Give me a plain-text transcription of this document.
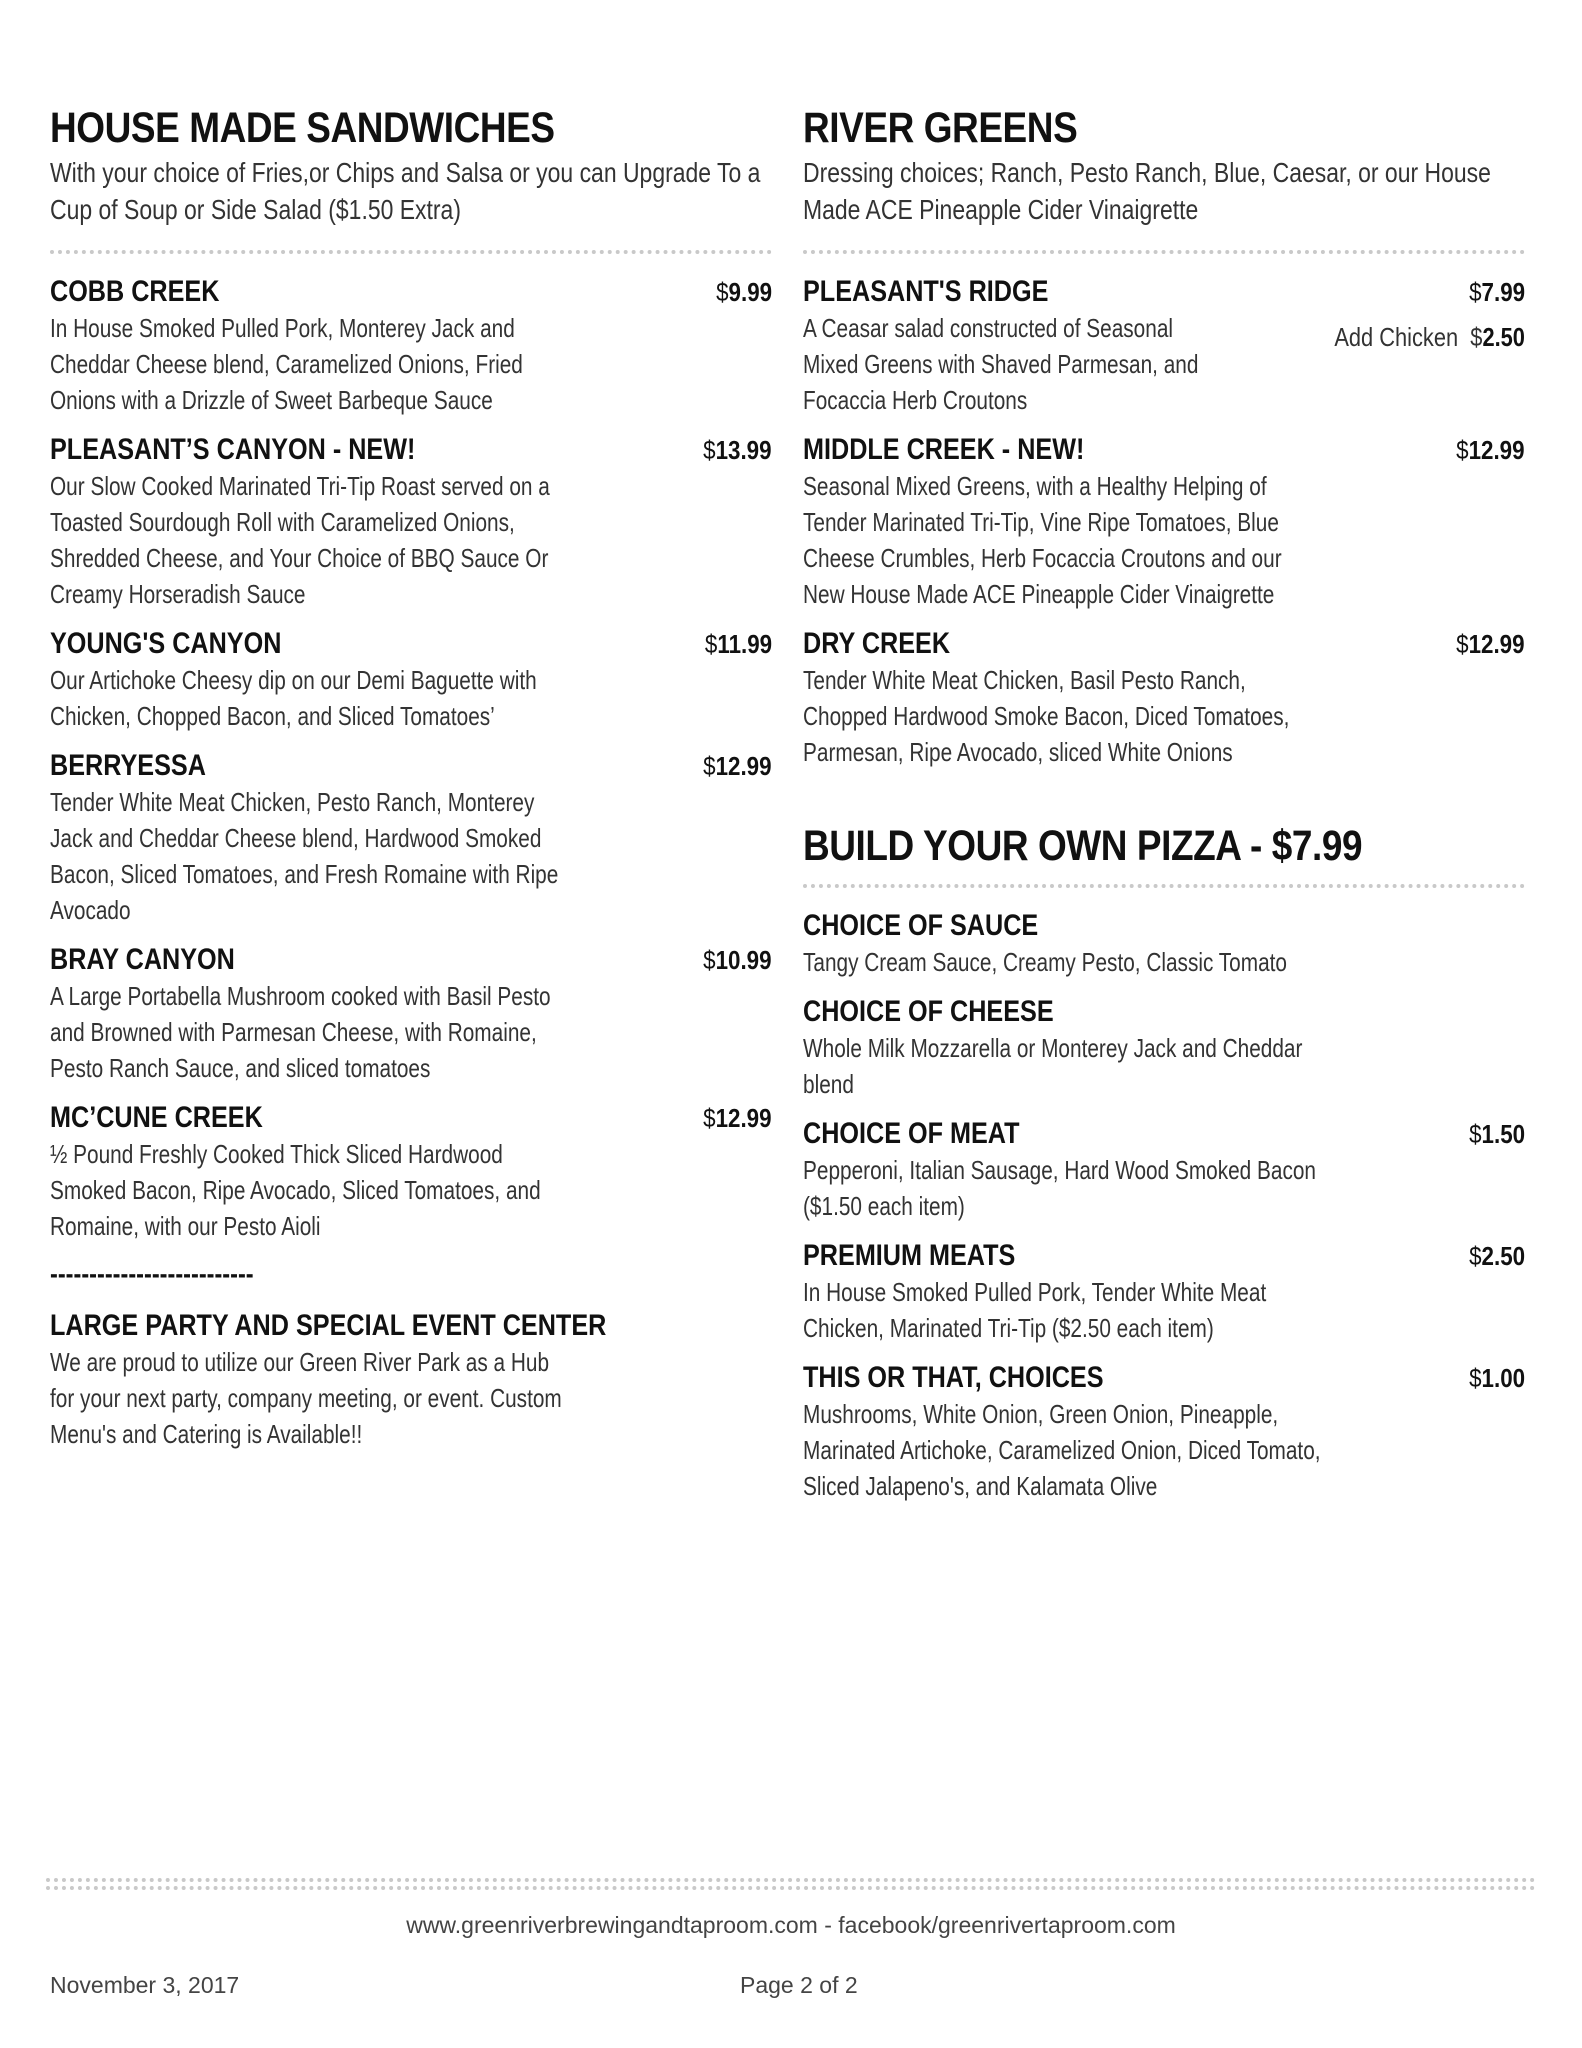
HOUSE MADE SANDWICHES

With your choice of Fries,or Chips and Salsa or you can Upgrade To a Cup of Soup or Side Salad ($1.50 Extra)

COBB CREEK	$9.99

In House Smoked Pulled Pork, Monterey Jack and Cheddar Cheese blend, Caramelized Onions, Fried Onions with a Drizzle of Sweet Barbeque Sauce

PLEASANT’S CANYON - NEW!	$13.99

Our Slow Cooked Marinated Tri-Tip Roast served on a Toasted Sourdough Roll with Caramelized Onions, Shredded Cheese, and Your Choice of BBQ Sauce Or Creamy Horseradish Sauce

YOUNG'S CANYON	$11.99

Our Artichoke Cheesy dip on our Demi Baguette with Chicken, Chopped Bacon, and Sliced Tomatoes’

BERRYESSA	$12.99

Tender White Meat Chicken, Pesto Ranch, Monterey Jack and Cheddar Cheese blend, Hardwood Smoked Bacon, Sliced Tomatoes, and Fresh Romaine with Ripe Avocado

BRAY CANYON	$10.99

A Large Portabella Mushroom cooked with Basil Pesto and Browned with Parmesan Cheese, with Romaine, Pesto Ranch Sauce, and sliced tomatoes

MC’CUNE CREEK	$12.99

½ Pound Freshly Cooked Thick Sliced Hardwood Smoked Bacon, Ripe Avocado, Sliced Tomatoes, and Romaine, with our Pesto Aioli

--------------------------
LARGE PARTY AND SPECIAL EVENT CENTER

We are proud to utilize our Green River Park as a Hub for your next party, company meeting, or event. Custom Menu's and Catering is Available!!

RIVER GREENS

Dressing choices; Ranch, Pesto Ranch, Blue, Caesar, or our House Made ACE Pineapple Cider Vinaigrette

PLEASANT'S RIDGE	$7.99

A Ceasar salad constructed of Seasonal Mixed Greens with Shaved Parmesan, and Focaccia Herb Croutons

Add Chicken  $2.50
MIDDLE CREEK - NEW!	$12.99

Seasonal Mixed Greens, with a Healthy Helping of Tender Marinated Tri-Tip, Vine Ripe Tomatoes, Blue Cheese Crumbles, Herb Focaccia Croutons and our New House Made ACE Pineapple Cider Vinaigrette

DRY CREEK	$12.99

Tender White Meat Chicken, Basil Pesto Ranch, Chopped Hardwood Smoke Bacon, Diced Tomatoes, Parmesan, Ripe Avocado, sliced White Onions

BUILD YOUR OWN PIZZA - $7.99
CHOICE OF SAUCE

Tangy Cream Sauce, Creamy Pesto, Classic Tomato

CHOICE OF CHEESE

Whole Milk Mozzarella or Monterey Jack and Cheddar blend

CHOICE OF MEAT	$1.50

Pepperoni, Italian Sausage, Hard Wood Smoked Bacon ($1.50 each item)

PREMIUM MEATS	$2.50

In House Smoked Pulled Pork, Tender White Meat Chicken, Marinated Tri-Tip ($2.50 each item)

THIS OR THAT, CHOICES	$1.00

Mushrooms, White Onion, Green Onion, Pineapple, Marinated Artichoke, Caramelized Onion, Diced Tomato, Sliced Jalapeno's, and Kalamata Olive

www.greenriverbrewingandtaproom.com - facebook/greenrivertaproom.com
November 3, 2017	Page 2 of 2
